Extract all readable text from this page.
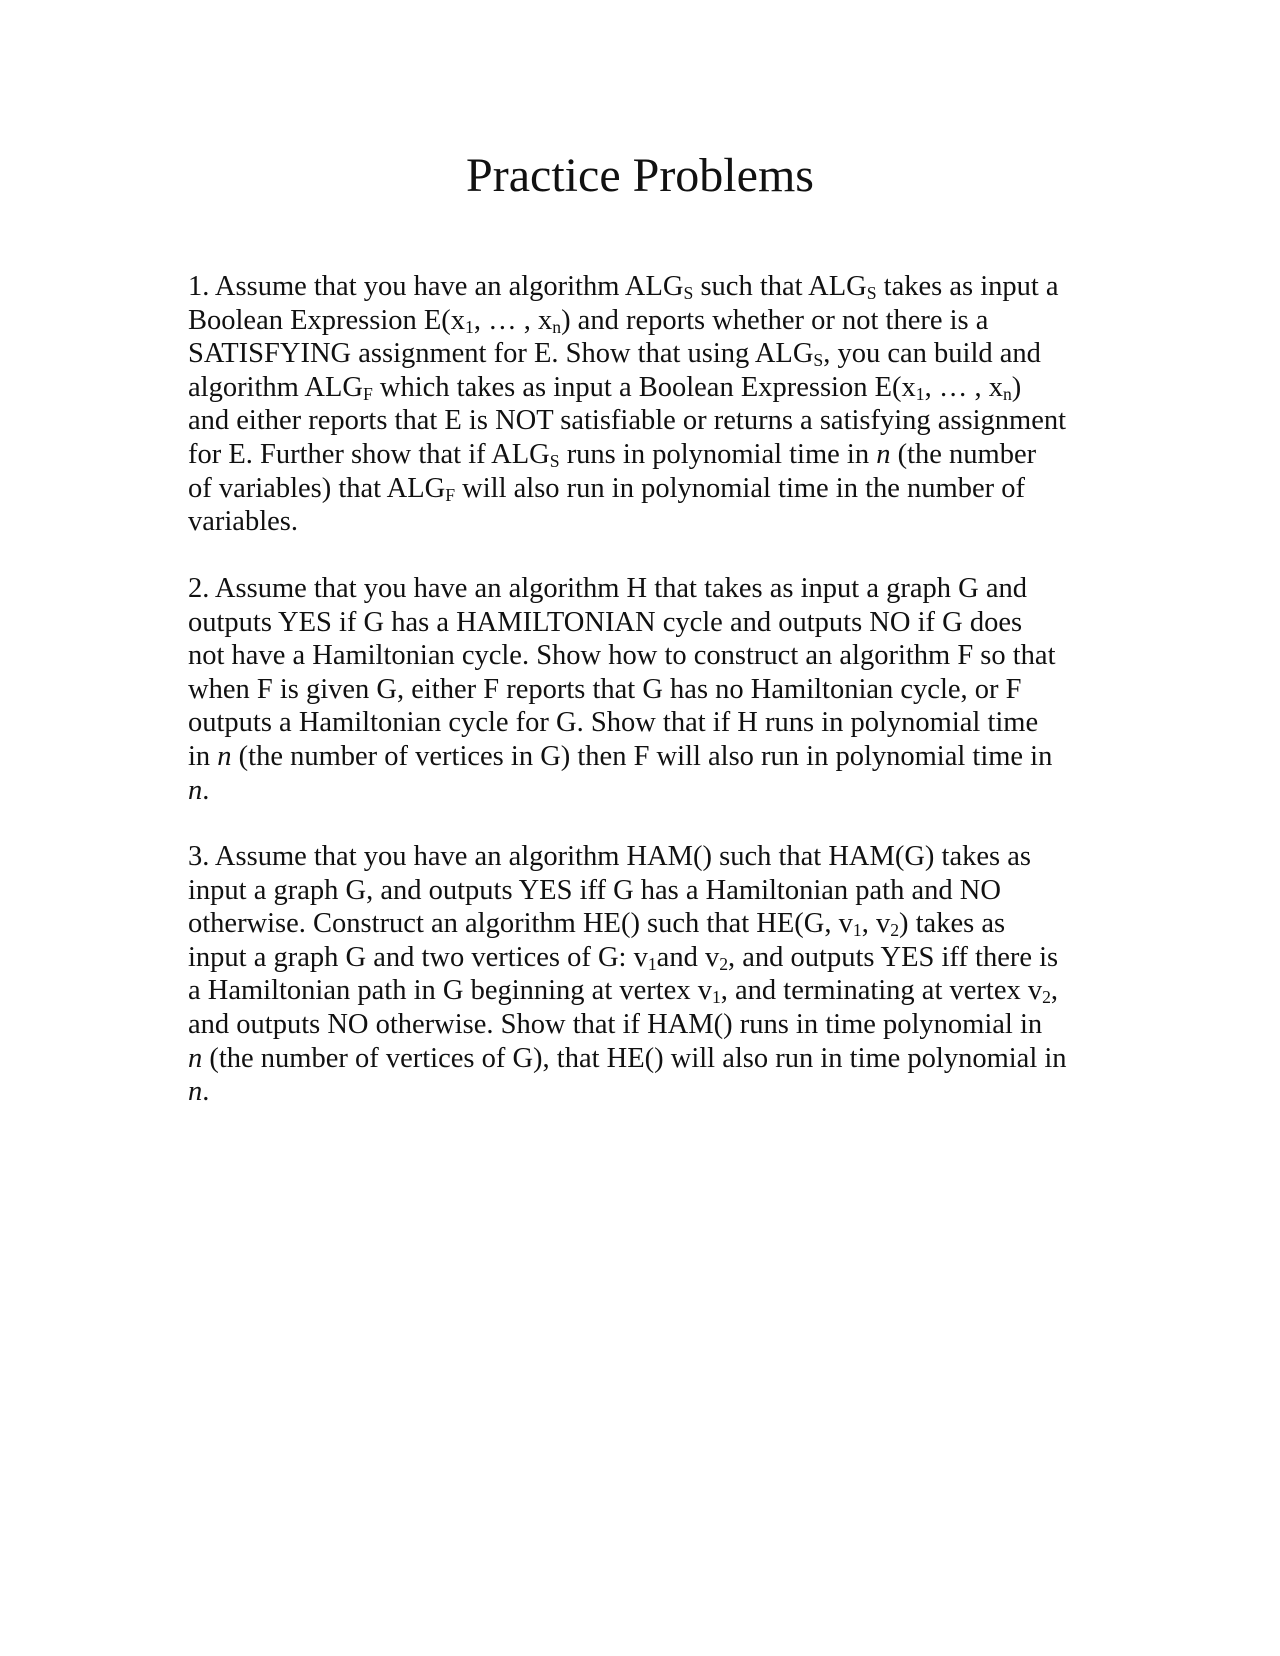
Practice Problems
1. Assume that you have an algorithm $ALG_S$ such that $ALG_S$ takes as input a
Boolean Expression $E(x_1$, … , $x_n$) and reports whether or not there is a
SATISFYING assignment for E. Show that using $ALG_S$, you can build and
algorithm $ALG_F$ which takes as input a Boolean Expression $E(x_1$, … , $x_n$)
and either reports that E is NOT satisfiable or returns a satisfying assignment
for E. Further show that if $ALG_S$ runs in polynomial time in n (the number
of variables) that $ALG_F$ will also run in polynomial time in the number of
variables.
2. Assume that you have an algorithm H that takes as input a graph G and
outputs YES if G has a HAMILTONIAN cycle and outputs NO if G does
not have a Hamiltonian cycle. Show how to construct an algorithm F so that
when F is given G, either F reports that G has no Hamiltonian cycle, or F
outputs a Hamiltonian cycle for G. Show that if H runs in polynomial time
in n (the number of vertices in G) then F will also run in polynomial time in
n.
3. Assume that you have an algorithm HAM() such that HAM(G) takes as
input a graph G, and outputs YES iff G has a Hamiltonian path and NO
otherwise. Construct an algorithm HE() such that HE(G, $v_1$, $v_2$) takes as
input a graph G and two vertices of G: $v_1and$ $v_2$, and outputs YES iff there is
a Hamiltonian path in G beginning at vertex $v_1$, and terminating at vertex $v_2$,
and outputs NO otherwise. Show that if HAM() runs in time polynomial in
n (the number of vertices of G), that HE() will also run in time polynomial in
n.
